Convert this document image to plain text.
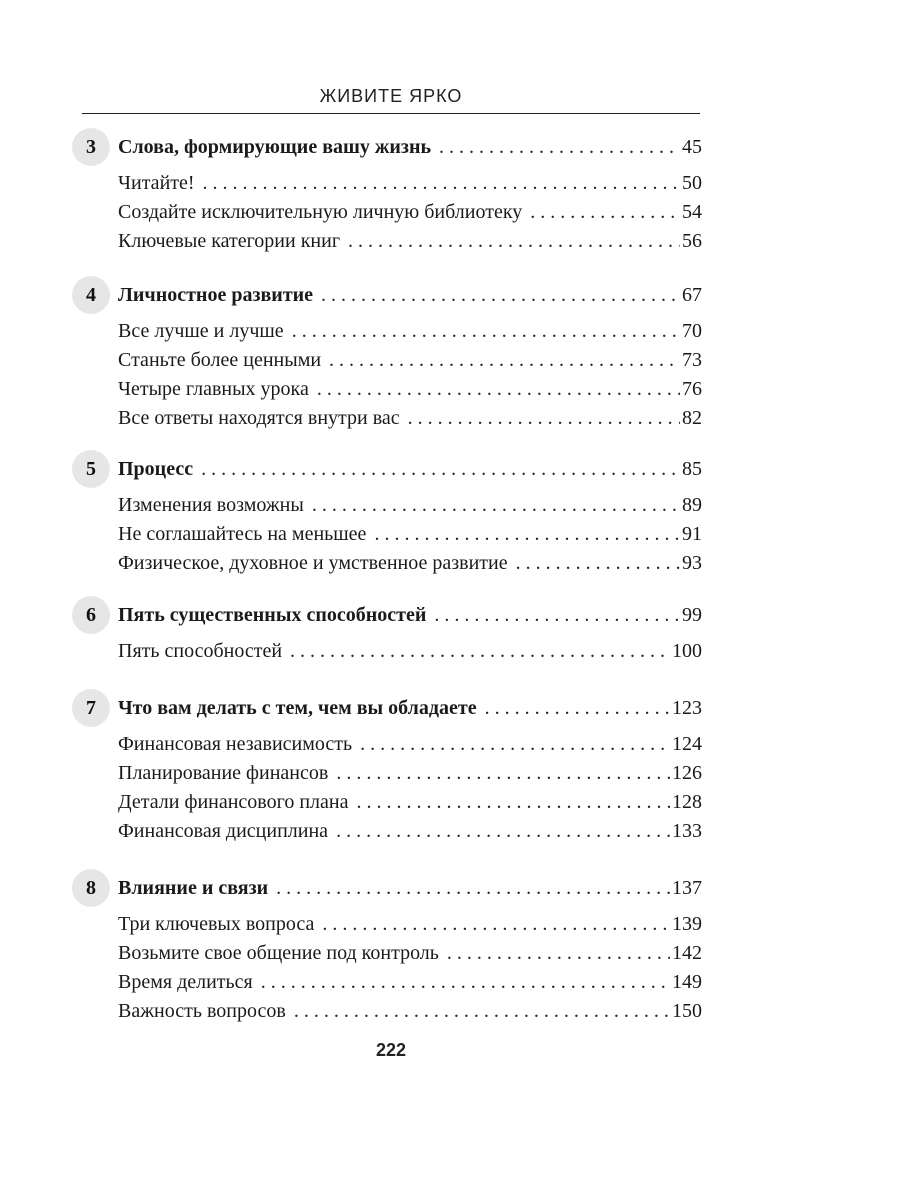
ЖИВИТЕ ЯРКО
3	Слова, формирующие вашу жизнь . . .	45
Читайте! . . .	50
Создайте исключительную личную библиотеку . . .	54
Ключевые категории книг . . .	56
4	Личностное развитие . . .	67
Все лучше и лучше . . .	70
Станьте более ценными . . .	73
Четыре главных урока . . .	76
Все ответы находятся внутри вас . . .	82
5	Процесс . . .	85
Изменения возможны . . .	89
Не соглашайтесь на меньшее . . .	91
Физическое, духовное и умственное развитие . . .	93
6	Пять существенных способностей . . .	99
Пять способностей . . .	100
7	Что вам делать с тем, чем вы обладаете . . .	123
Финансовая независимость . . .	124
Планирование финансов . . .	126
Детали финансового плана . . .	128
Финансовая дисциплина . . .	133
8	Влияние и связи . . .	137
Три ключевых вопроса . . .	139
Возьмите свое общение под контроль . . .	142
Время делиться . . .	149
Важность вопросов . . .	150
222
